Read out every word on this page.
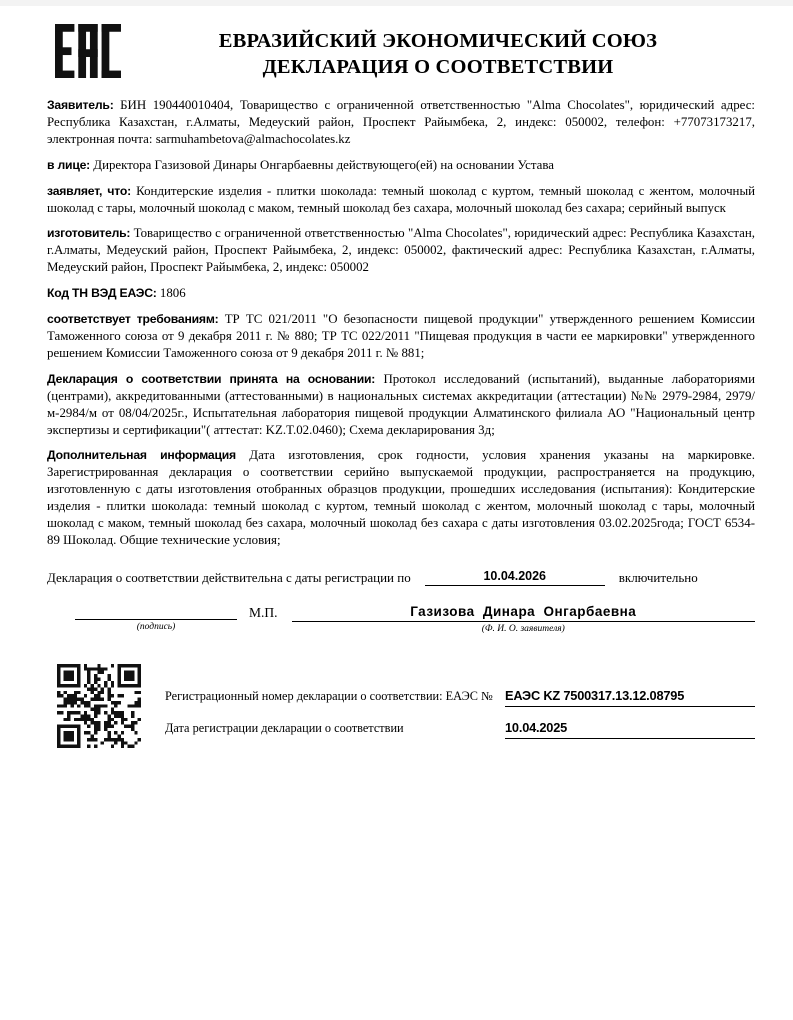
ЕВРАЗИЙСКИЙ ЭКОНОМИЧЕСКИЙ СОЮЗ
ДЕКЛАРАЦИЯ О СООТВЕТСТВИИ

Заявитель: БИН 190440010404, Товарищество с ограниченной ответственностью "Alma Chocolates", юридический адрес: Республика Казахстан, г.Алматы, Медеуский район, Проспект Райымбека, 2, индекс: 050002, телефон: +77073173217, электронная почта: sarmuhambetova@almachocolates.kz

в лице: Директора Газизовой Динары Онгарбаевны действующего(ей) на основании Устава

заявляет, что: Кондитерские изделия - плитки шоколада: темный шоколад с куртом, темный шоколад с жентом, молочный шоколад с тары, молочный шоколад с маком, темный шоколад без сахара, молочный шоколад без сахара; серийный выпуск

изготовитель: Товарищество с ограниченной ответственностью "Alma Chocolates", юридический адрес: Республика Казахстан, г.Алматы, Медеуский район, Проспект Райымбека, 2, индекс: 050002, фактический адрес: Республика Казахстан, г.Алматы, Медеуский район, Проспект Райымбека, 2, индекс: 050002

Код ТН ВЭД ЕАЭС: 1806

соответствует требованиям: ТР ТС 021/2011 "О безопасности пищевой продукции" утвержденного решением Комиссии Таможенного союза от 9 декабря 2011 г. № 880; ТР ТС 022/2011 "Пищевая продукция в части ее маркировки" утвержденного решением Комиссии Таможенного союза от 9 декабря 2011 г. № 881;

Декларация о соответствии принята на основании: Протокол исследований (испытаний), выданные лабораториями (центрами), аккредитованными (аттестованными) в национальных системах аккредитации (аттестации) №№ 2979-2984, 2979/м-2984/м от 08/04/2025г., Испытательная лаборатория пищевой продукции Алматинского филиала АО "Национальный центр экспертизы и сертификации"( аттестат: KZ.T.02.0460); Схема декларирования 3д;

Дополнительная информация Дата изготовления, срок годности, условия хранения указаны на маркировке. Зарегистрированная декларация о соответствии серийно выпускаемой продукции, распространяется на продукцию, изготовленную с даты изготовления отобранных образцов продукции, прошедших исследования (испытания): Кондитерские изделия - плитки шоколада: темный шоколад с куртом, темный шоколад с жентом, молочный шоколад с тары, молочный шоколад с маком, темный шоколад без сахара, молочный шоколад без сахара с даты изготовления 03.02.2025года; ГОСТ 6534-89 Шоколад. Общие технические условия;

Декларация о соответствии действительна с даты регистрации по	10.04.2026	включительно
(подпись)
М.П.	Газизова Динара Онгарбаевна
(Ф. И. О. заявителя)
Регистрационный номер декларации о соответствии: ЕАЭС № ЕАЭС KZ 7500317.13.12.08795
Дата регистрации декларации о соответствии	10.04.2025
